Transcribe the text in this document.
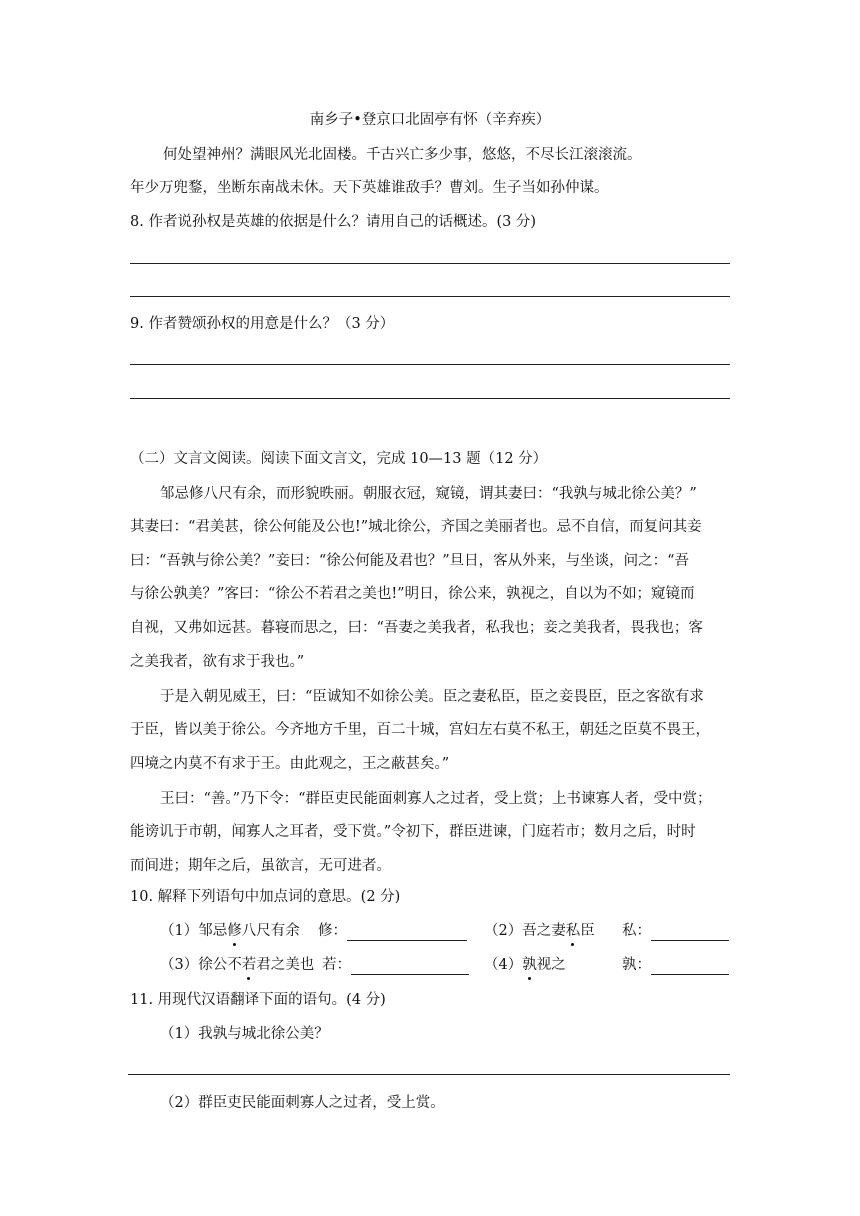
南乡子•登京口北固亭有怀（辛弃疾）
何处望神州？满眼风光北固楼。千古兴亡多少事，悠悠，不尽长江滚滚流。
年少万兜鍪，坐断东南战未休。天下英雄谁敌手？曹刘。生子当如孙仲谋。
8. 作者说孙权是英雄的依据是什么？请用自己的话概述。(3 分)
9. 作者赞颂孙权的用意是什么？（3 分）
（二）文言文阅读。阅读下面文言文，完成 10—13 题（12 分）
邹忌修八尺有余，而形貌昳丽。朝服衣冠，窥镜，谓其妻曰：“我孰与城北徐公美？”
其妻曰：“君美甚，徐公何能及公也!”城北徐公，齐国之美丽者也。忌不自信，而复问其妾
曰：“吾孰与徐公美？”妾曰：“徐公何能及君也？”旦日，客从外来，与坐谈，问之：“吾
与徐公孰美？”客曰：“徐公不若君之美也!”明日，徐公来，孰视之，自以为不如；窥镜而
自视，又弗如远甚。暮寝而思之，曰：“吾妻之美我者，私我也；妾之美我者，畏我也；客
之美我者，欲有求于我也。”
于是入朝见威王，曰：“臣诚知不如徐公美。臣之妻私臣，臣之妾畏臣，臣之客欲有求
于臣，皆以美于徐公。今齐地方千里，百二十城，宫妇左右莫不私王，朝廷之臣莫不畏王，
四境之内莫不有求于王。由此观之，王之蔽甚矣。”
王曰：“善。”乃下令：“群臣吏民能面刺寡人之过者，受上赏；上书谏寡人者，受中赏；
能谤讥于市朝，闻寡人之耳者，受下赏。”令初下，群臣进谏，门庭若市；数月之后，时时
而间进；期年之后，虽欲言，无可进者。
10. 解释下列语句中加点词的意思。(2 分)
（1）邹忌修八尺有余 修：	（2）吾之妻私臣 私：
（3）徐公不若君之美也 若：	（4）孰视之	孰：
11. 用现代汉语翻译下面的语句。(4 分)
（1）我孰与城北徐公美？
（2）群臣吏民能面刺寡人之过者，受上赏。
